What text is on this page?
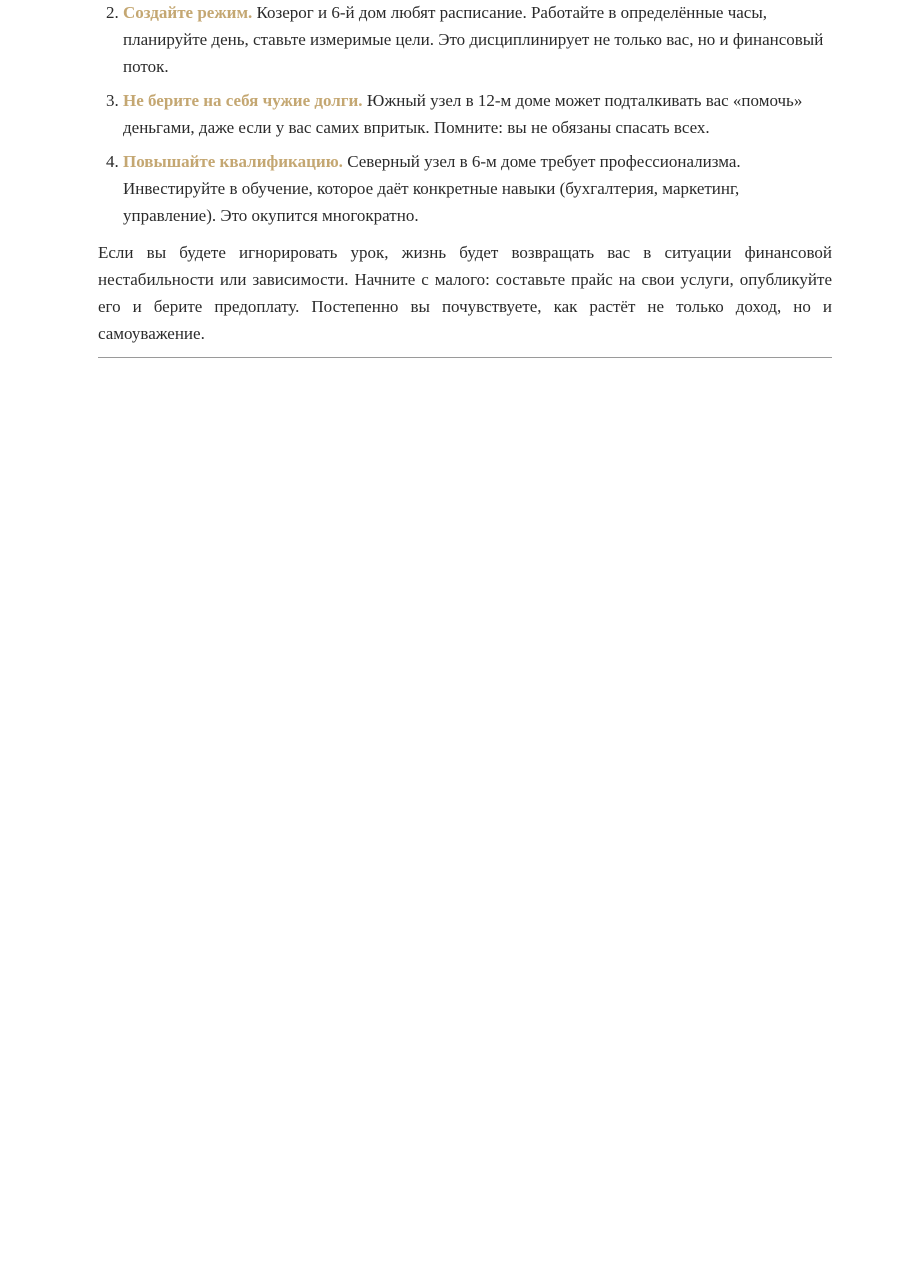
2. Создайте режим. Козерог и 6-й дом любят расписание. Работайте в определённые часы, планируйте день, ставьте измеримые цели. Это дисциплинирует не только вас, но и финансовый поток.
3. Не берите на себя чужие долги. Южный узел в 12-м доме может подталкивать вас «помочь» деньгами, даже если у вас самих впритык. Помните: вы не обязаны спасать всех.
4. Повышайте квалификацию. Северный узел в 6-м доме требует профессионализма. Инвестируйте в обучение, которое даёт конкретные навыки (бухгалтерия, маркетинг, управление). Это окупится многократно.

Если вы будете игнорировать урок, жизнь будет возвращать вас в ситуации финансовой нестабильности или зависимости. Начните с малого: составьте прайс на свои услуги, опубликуйте его и берите предоплату. Постепенно вы почувствуете, как растёт не только доход, но и самоуважение.
